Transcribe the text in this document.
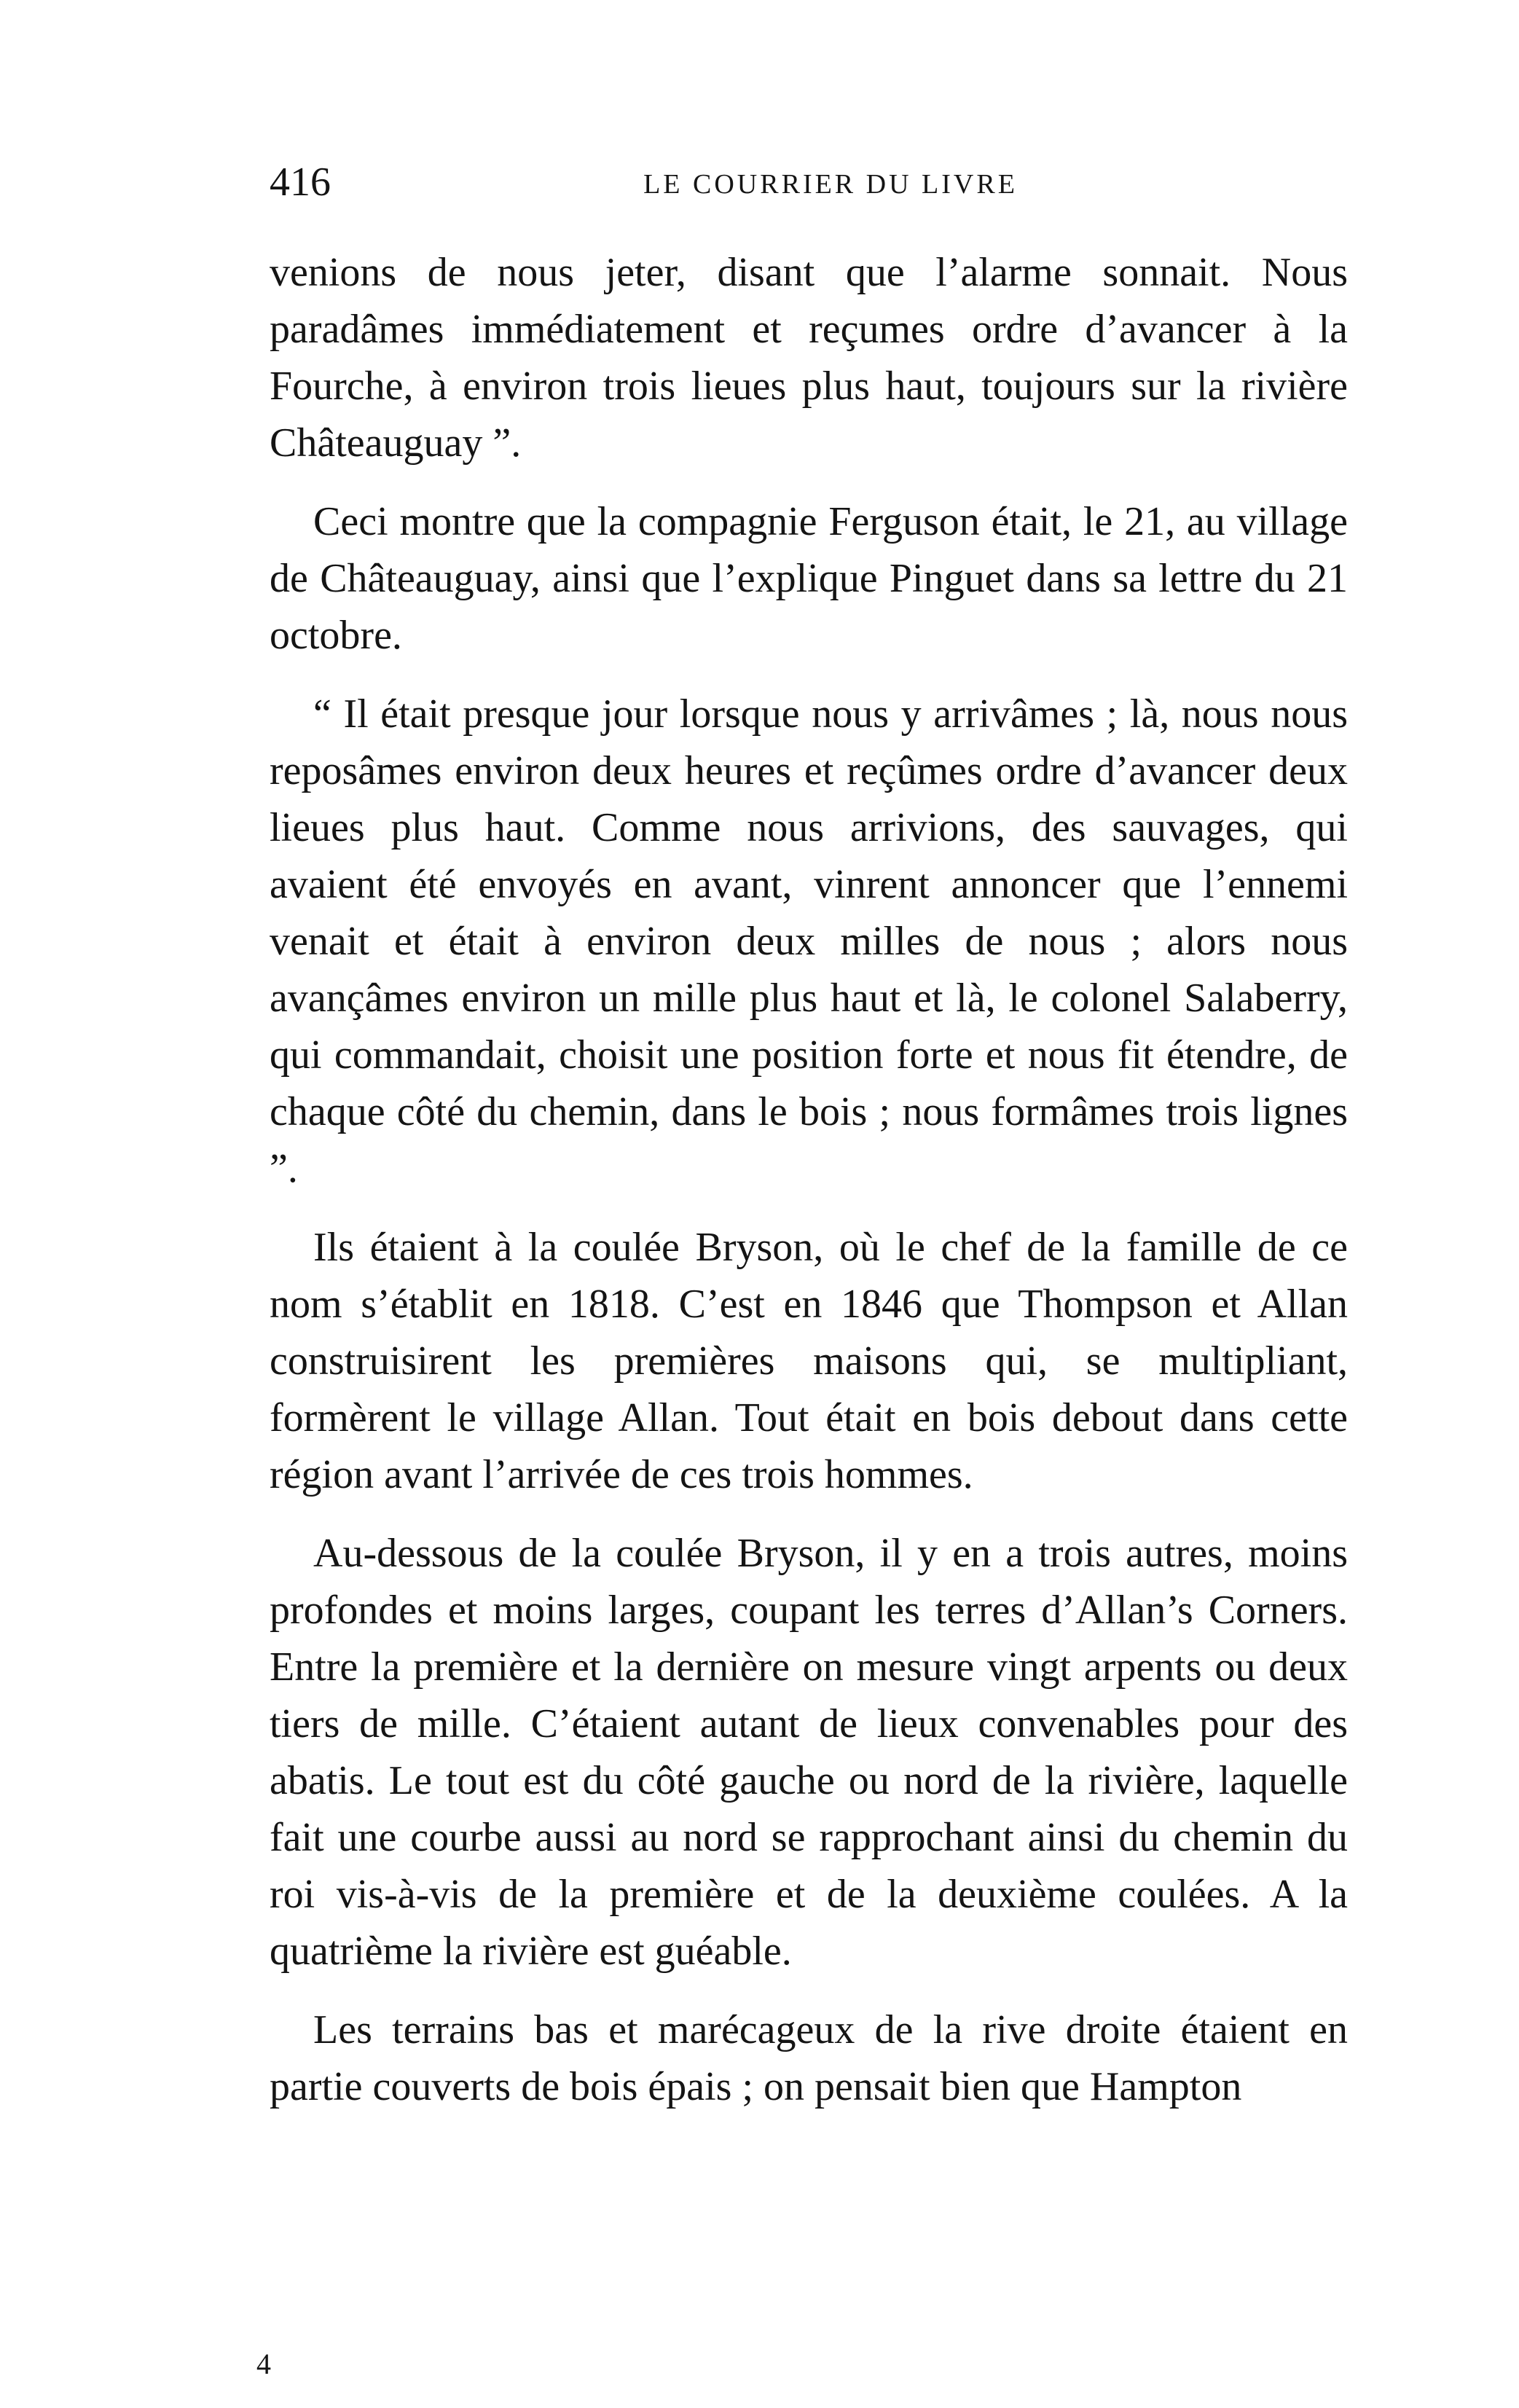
416	LE COURRIER DU LIVRE

venions de nous jeter, disant que l’alarme sonnait. Nous paradâmes immédiatement et reçumes ordre d’avancer à la Fourche, à environ trois lieues plus haut, toujours sur la rivière Châteauguay ”.

Ceci montre que la compagnie Ferguson était, le 21, au village de Châteauguay, ainsi que l’explique Pinguet dans sa lettre du 21 octobre.

“ Il était presque jour lorsque nous y arrivâmes ; là, nous nous reposâmes environ deux heures et reçûmes ordre d’avancer deux lieues plus haut. Comme nous arrivions, des sauvages, qui avaient été envoyés en avant, vinrent annoncer que l’ennemi venait et était à environ deux milles de nous ; alors nous avançâmes environ un mille plus haut et là, le colonel Salaberry, qui commandait, choisit une position forte et nous fit étendre, de chaque côté du chemin, dans le bois ; nous formâmes trois lignes ”.

Ils étaient à la coulée Bryson, où le chef de la famille de ce nom s’établit en 1818. C’est en 1846 que Thompson et Allan construisirent les premières maisons qui, se multipliant, formèrent le village Allan. Tout était en bois debout dans cette région avant l’arrivée de ces trois hommes.

Au-dessous de la coulée Bryson, il y en a trois autres, moins profondes et moins larges, coupant les terres d’Allan’s Corners. Entre la première et la dernière on mesure vingt arpents ou deux tiers de mille. C’étaient autant de lieux convenables pour des abatis. Le tout est du côté gauche ou nord de la rivière, laquelle fait une courbe aussi au nord se rapprochant ainsi du chemin du roi vis-à-vis de la première et de la deuxième coulées. A la quatrième la rivière est guéable.

Les terrains bas et marécageux de la rive droite étaient en partie couverts de bois épais ; on pensait bien que Hampton

4
